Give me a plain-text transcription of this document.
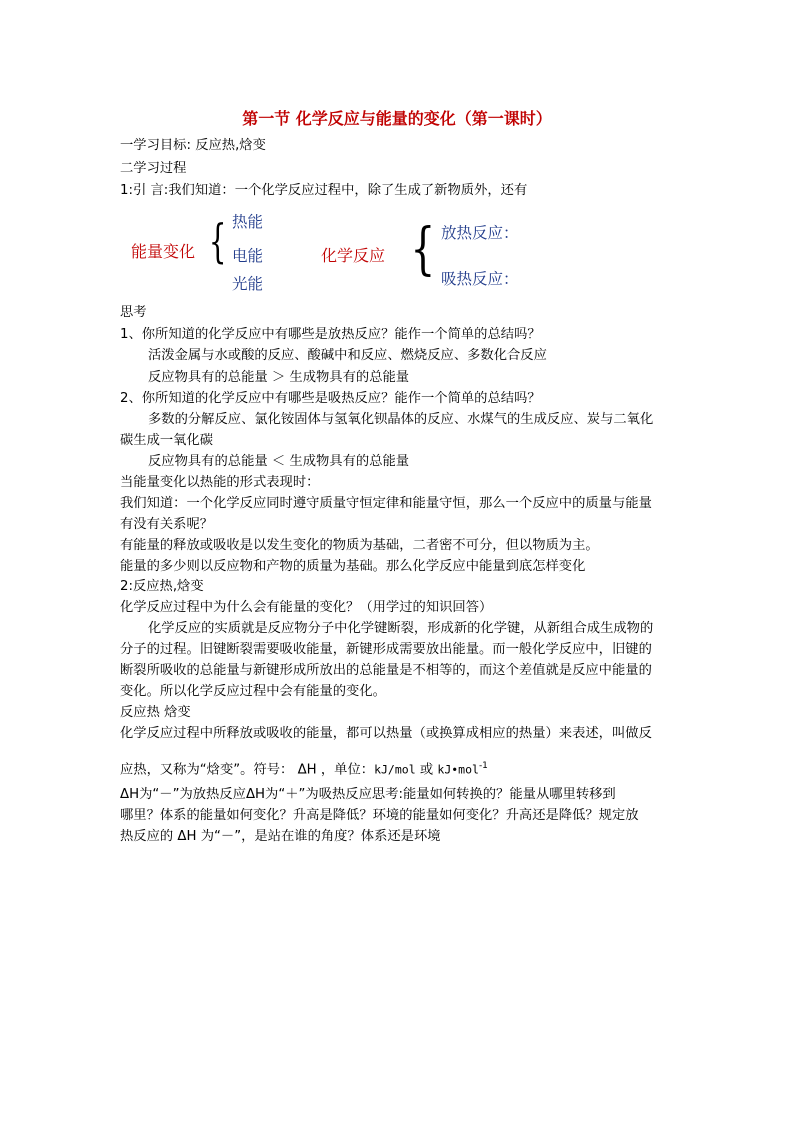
第一节 化学反应与能量的变化（第一课时）
一学习目标: 反应热,焓变
二学习过程
1:引 言:我们知道：一个化学反应过程中，除了生成了新物质外，还有
热能
能量变化 { 电能
光能
化学反应 { 放热反应：
吸热反应：
思考
1、你所知道的化学反应中有哪些是放热反应？能作一个简单的总结吗？
活泼金属与水或酸的反应、酸碱中和反应、燃烧反应、多数化合反应
反应物具有的总能量 ＞ 生成物具有的总能量
2、你所知道的化学反应中有哪些是吸热反应？能作一个简单的总结吗？
多数的分解反应、氯化铵固体与氢氧化钡晶体的反应、水煤气的生成反应、炭与二氧化
碳生成一氧化碳
反应物具有的总能量 ＜ 生成物具有的总能量
当能量变化以热能的形式表现时：
我们知道：一个化学反应同时遵守质量守恒定律和能量守恒，那么一个反应中的质量与能量
有没有关系呢？
有能量的释放或吸收是以发生变化的物质为基础，二者密不可分，但以物质为主。
能量的多少则以反应物和产物的质量为基础。那么化学反应中能量到底怎样变化
2:反应热,焓变
化学反应过程中为什么会有能量的变化？（用学过的知识回答）
化学反应的实质就是反应物分子中化学键断裂，形成新的化学键，从新组合成生成物的
分子的过程。旧键断裂需要吸收能量，新键形成需要放出能量。而一般化学反应中，旧键的
断裂所吸收的总能量与新键形成所放出的总能量是不相等的，而这个差值就是反应中能量的
变化。所以化学反应过程中会有能量的变化。
反应热 焓变
化学反应过程中所释放或吸收的能量，都可以热量（或换算成相应的热量）来表述，叫做反
应热，又称为“焓变”。符号： ΔH ，单位：kJ/mol 或 kJ•mol$^{-1}$
ΔH为“－”为放热反应ΔH为“＋”为吸热反应思考:能量如何转换的？能量从哪里转移到
哪里？体系的能量如何变化？升高是降低？环境的能量如何变化？升高还是降低？规定放
热反应的 ΔH 为“－”，是站在谁的角度？体系还是环境
